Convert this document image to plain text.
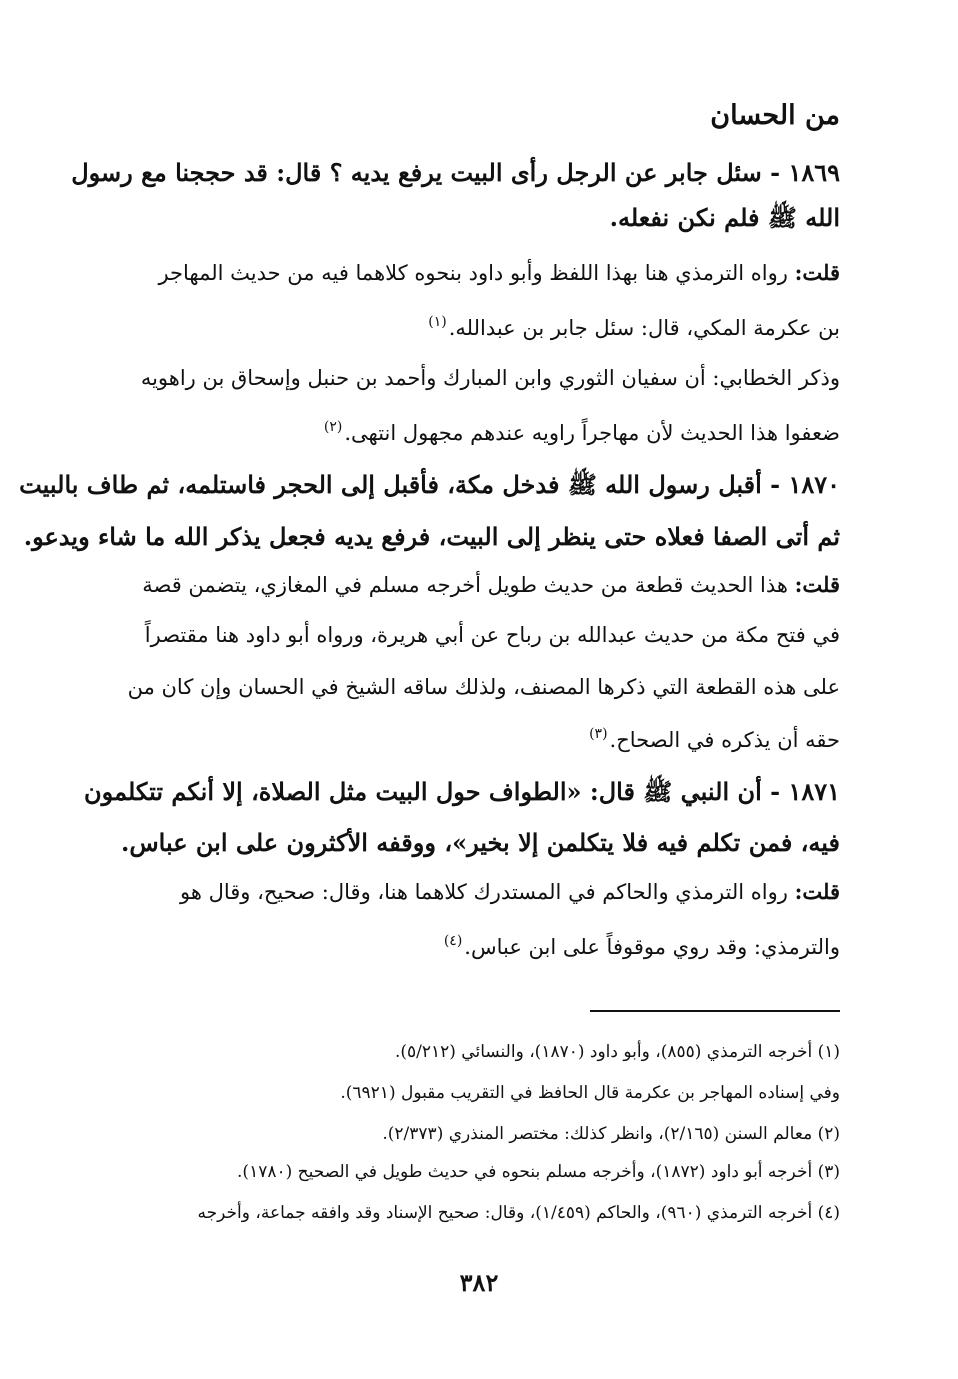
من الحسان
١٨٦٩ - سئل جابر عن الرجل رأى البيت يرفع يديه ؟ قال: قد حججنا مع رسول
الله ﷺ فلم نكن نفعله.
قلت: رواه الترمذي هنا بهذا اللفظ وأبو داود بنحوه كلاهما فيه من حديث المهاجر
بن عكرمة المكي، قال: سئل جابر بن عبدالله.$^{(١)}$
وذكر الخطابي: أن سفيان الثوري وابن المبارك وأحمد بن حنبل وإسحاق بن راهويه
ضعفوا هذا الحديث لأن مهاجراً راويه عندهم مجهول انتهى.$^{(٢)}$
١٨٧٠ - أقبل رسول الله ﷺ فدخل مكة، فأقبل إلى الحجر فاستلمه، ثم طاف بالبيت
ثم أتى الصفا فعلاه حتى ينظر إلى البيت، فرفع يديه فجعل يذكر الله ما شاء ويدعو.
قلت: هذا الحديث قطعة من حديث طويل أخرجه مسلم في المغازي، يتضمن قصة
في فتح مكة من حديث عبدالله بن رباح عن أبي هريرة، ورواه أبو داود هنا مقتصراً
على هذه القطعة التي ذكرها المصنف، ولذلك ساقه الشيخ في الحسان وإن كان من
حقه أن يذكره في الصحاح.$^{(٣)}$
١٨٧١ - أن النبي ﷺ قال: «الطواف حول البيت مثل الصلاة، إلا أنكم تتكلمون
فيه، فمن تكلم فيه فلا يتكلمن إلا بخير»، ووقفه الأكثرون على ابن عباس.
قلت: رواه الترمذي والحاكم في المستدرك كلاهما هنا، وقال: صحيح، وقال هو
والترمذي: وقد روي موقوفاً على ابن عباس.$^{(٤)}$
(١) أخرجه الترمذي (٨٥٥)، وأبو داود (١٨٧٠)، والنسائي (٥/٢١٢).
وفي إسناده المهاجر بن عكرمة قال الحافظ في التقريب مقبول (٦٩٢١).
(٢) معالم السنن (٢/١٦٥)، وانظر كذلك: مختصر المنذري (٢/٣٧٣).
(٣) أخرجه أبو داود (١٨٧٢)، وأخرجه مسلم بنحوه في حديث طويل في الصحيح (١٧٨٠).
(٤) أخرجه الترمذي (٩٦٠)، والحاكم (١/٤٥٩)، وقال: صحيح الإسناد وقد وافقه جماعة، وأخرجه
٣٨٢
